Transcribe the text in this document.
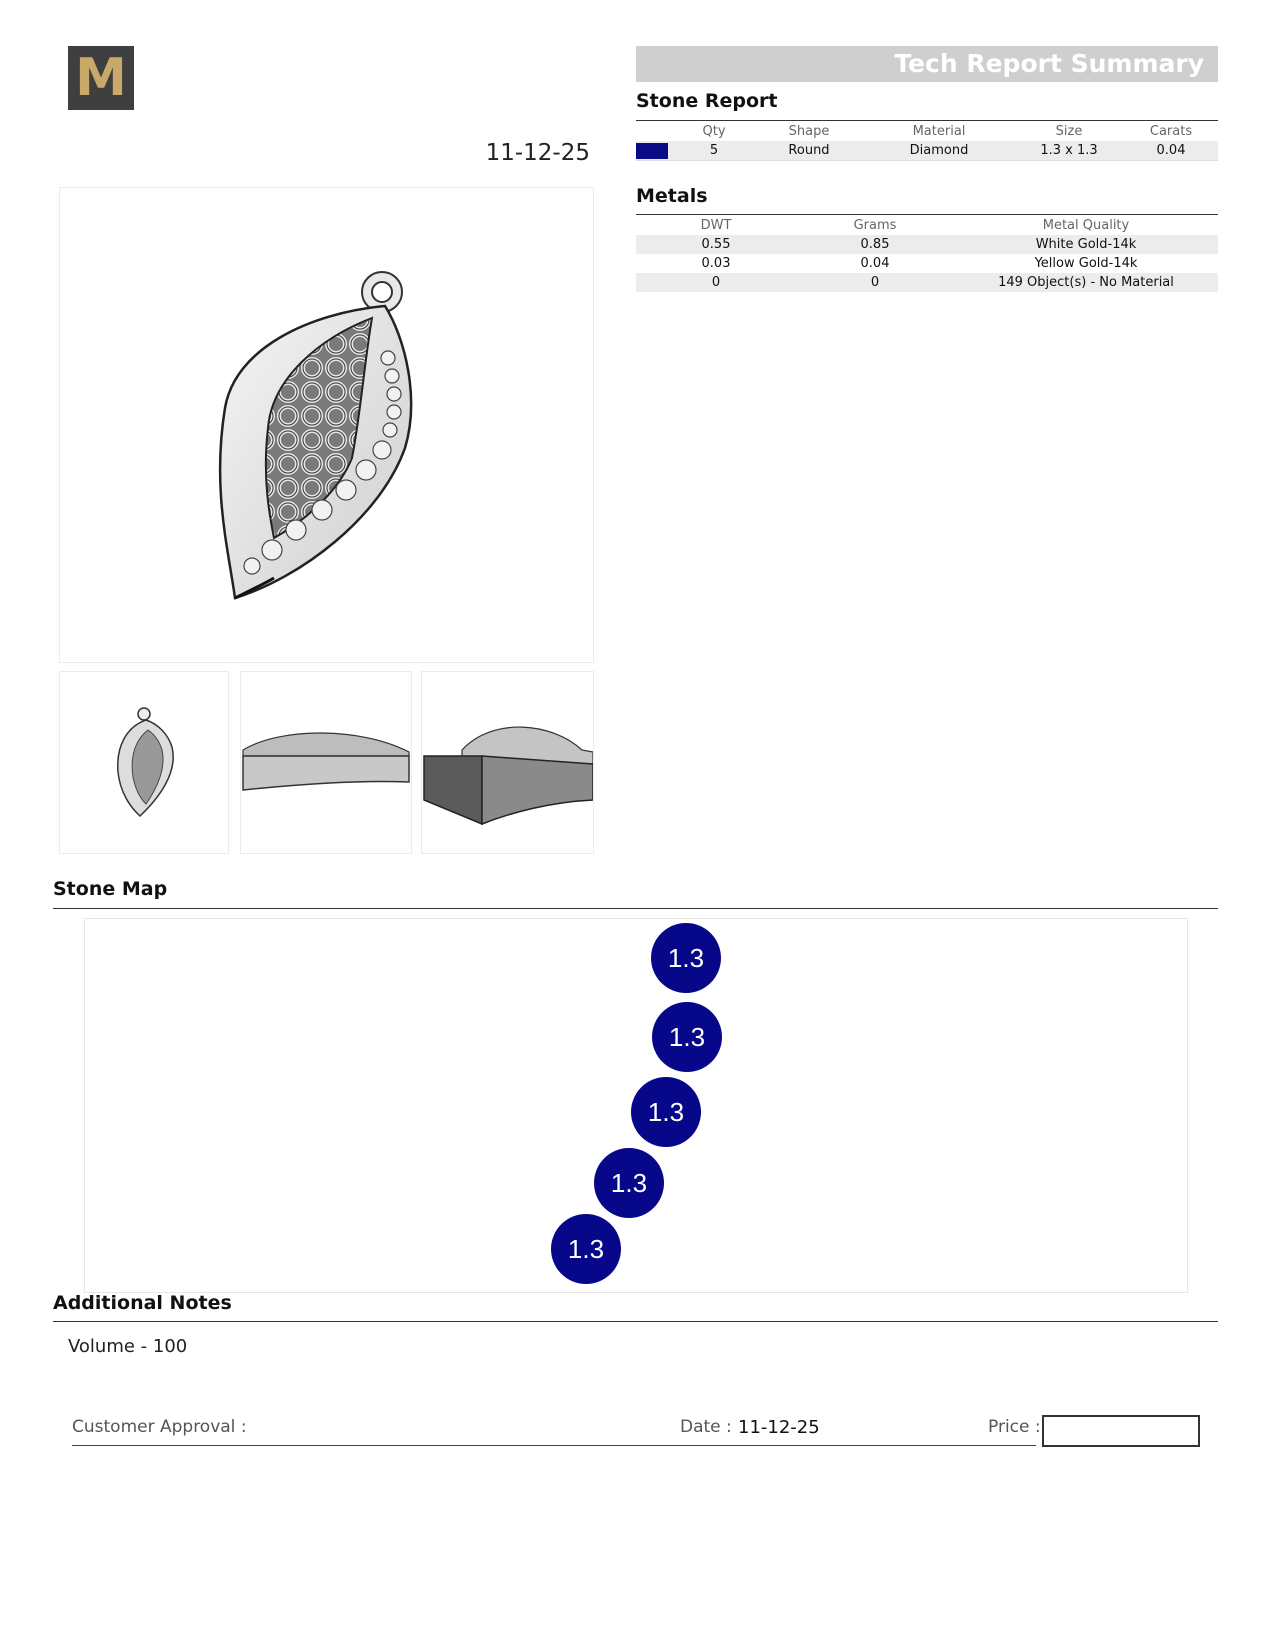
M
11-12-25
Tech Report Summary
Stone Report
	Qty	Shape	Material	Size	Carats
	5	Round	Diamond	1.3 x 1.3	0.04
Metals
DWT	Grams	Metal Quality
0.55	0.85	White Gold-14k
0.03	0.04	Yellow Gold-14k
0	0	149 Object(s) - No Material
Stone Map
1.3
1.3
1.3
1.3
1.3
Additional Notes
Volume - 100
Customer Approval :	Date : 11-12-25	Price :
